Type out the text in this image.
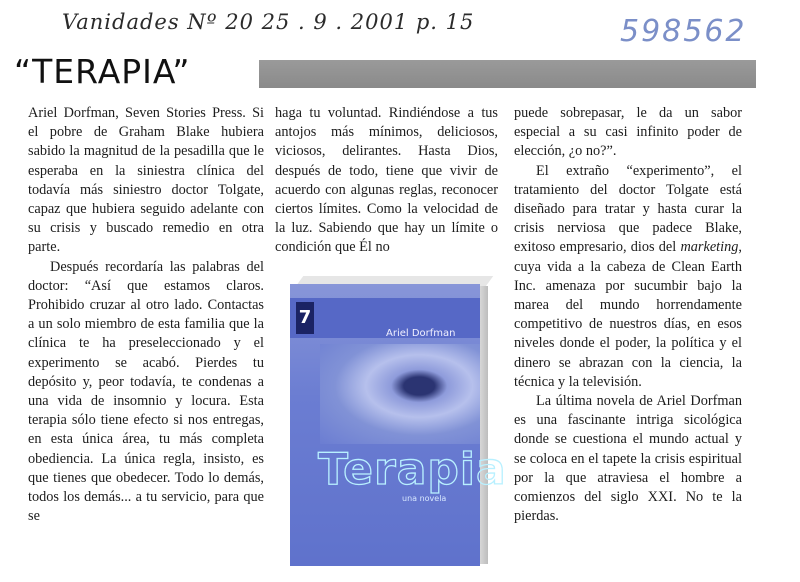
Vanidades Nº 20 25 . 9 . 2001 p. 15	598562
“TERAPIA”

Ariel Dorfman, Seven Stories Press. Si el pobre de Graham Blake hubiera sabido la magnitud de la pesadilla que le esperaba en la siniestra clínica del todavía más siniestro doctor Tolgate, capaz que hubiera seguido adelante con su crisis y buscado remedio en otra parte.

Después recordaría las palabras del doctor: “Así que estamos claros. Prohibido cruzar al otro lado. Contactas a un solo miembro de esta familia que la clínica te ha preseleccionado y el experimento se acabó. Pierdes tu depósito y, peor todavía, te condenas a una vida de insomnio y locura. Esta terapia sólo tiene efecto si nos entregas, en esta única área, tu más completa obediencia. La única regla, insisto, es que tienes que obedecer. Todo lo demás, todos los demás... a tu servicio, para que se

haga tu voluntad. Rindiéndose a tus antojos más mínimos, deliciosos, viciosos, delirantes. Hasta Dios, después de todo, tiene que vivir de acuerdo con algunas reglas, reconocer ciertos límites. Como la velocidad de la luz. Sabiendo que hay un límite o condición que Él no

puede sobrepasar, le da un sabor especial a su casi infinito poder de elección, ¿o no?”.

El extraño “experimento”, el tratamiento del doctor Tolgate está diseñado para tratar y hasta curar la crisis nerviosa que padece Blake, exitoso empresario, dios del marketing, cuya vida a la cabeza de Clean Earth Inc. amenaza por sucumbir bajo la marea del mundo horrendamente competitivo de nuestros días, en esos niveles donde el poder, la política y el dinero se abrazan con la ciencia, la técnica y la televisión.

La última novela de Ariel Dorfman es una fascinante intriga sicológica donde se cuestiona el mundo actual y se coloca en el tapete la crisis espiritual por la que atraviesa el hombre a comienzos del siglo XXI. No te la pierdas.

7
Ariel Dorfman
Terapia
una novela
